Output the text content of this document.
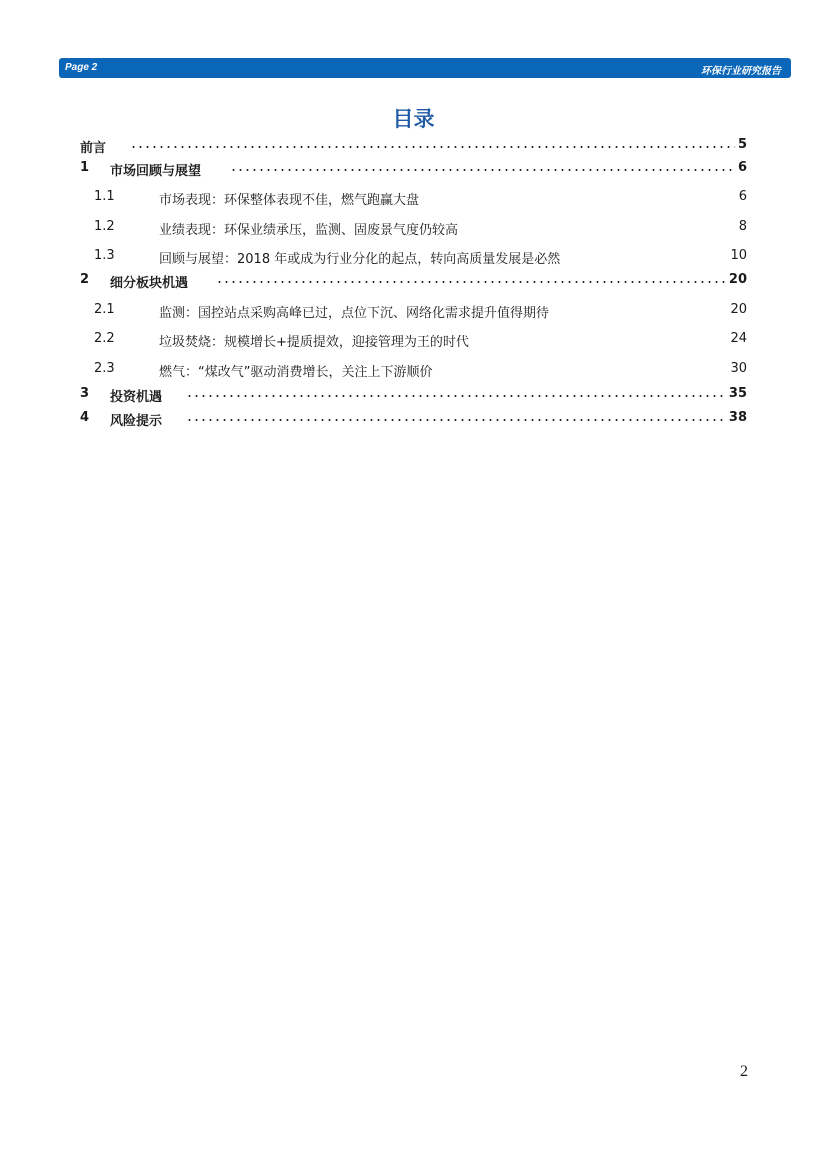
Page 2	环保行业研究报告
目录
前言	5
1 市场回顾与展望	6
1.1	市场表现：环保整体表现不佳，燃气跑赢大盘	6
1.2	业绩表现：环保业绩承压，监测、固废景气度仍较高	8
1.3	回顾与展望：2018 年或成为行业分化的起点，转向高质量发展是必然	10
2 细分板块机遇	20
2.1	监测：国控站点采购高峰已过，点位下沉、网络化需求提升值得期待	20
2.2	垃圾焚烧：规模增长+提质提效，迎接管理为王的时代	24
2.3	燃气：“煤改气”驱动消费增长，关注上下游顺价	30
3 投资机遇	35
4 风险提示	38
2
